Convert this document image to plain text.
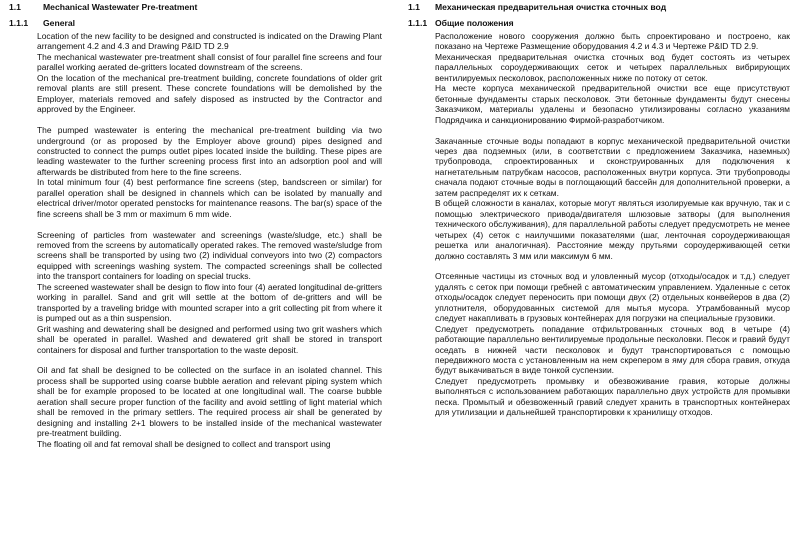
1.1	Mechanical Wastewater Pre-treatment
1.1.1 General

Location of the new facility to be designed and constructed is indicated on the Drawing Plant arrangement 4.2 and 4.3 and Drawing P&ID TD 2.9

The mechanical wastewater pre-treatment shall consist of four parallel fine screens and four parallel working aerated de-gritters located downstream of the screens.

On the location of the mechanical pre-treatment building, concrete foundations of older grit removal plants are still present. These concrete foundations will be demolished by the Employer, materials removed and safely disposed as instructed by the Contractor and approved by the Engineer.

The pumped wastewater is entering the mechanical pre-treatment building via two underground (or as proposed by the Employer above ground) pipes designed and constructed to connect the pumps outlet pipes located inside the building. These pipes are leading wastewater to the further screening process first into an adsorption pool and will afterwards be distributed from here to the fine screens.

In total minimum four (4) best performance fine screens (step, bandscreen or similar) for parallel operation shall be designed in channels which can be isolated by manually and electrical driver/motor operated penstocks for maintenance reasons. The bar(s) space of the fine screens shall be 3 mm or maximum 6 mm wide.

Screening of particles from wastewater and screenings (waste/sludge, etc.) shall be removed from the screens by automatically operated rakes. The removed waste/sludge from screens shall be transported by using two (2) individual conveyors into two (2) compactors equipped with screenings washing system. The compacted screenings shall be collected into the transport containers for loading on special trucks.

The screened wastewater shall be design to flow into four (4) aerated longitudinal de-gritters working in parallel. Sand and grit will settle at the bottom of de-gritters and will be transported by a traveling bridge with mounted scraper into a grit collecting pit from where it is pumped out as a thin suspension.

Grit washing and dewatering shall be designed and performed using two grit washers which shall be operated in parallel. Washed and dewatered grit shall be stored in transport containers for disposal and further transportation to the waste deposit.

Oil and fat shall be designed to be collected on the surface in an isolated channel. This process shall be supported using coarse bubble aeration and relevant piping system which shall be for example proposed to be located at one longitudinal wall. The coarse bubble aeration shall secure proper function of the facility and avoid settling of light material which shall be removed in the primary settlers. The required process air shall be generated by designing and installing 2+1 blowers to be installed inside of the mechanical wastewater pre-treatment building.

The floating oil and fat removal shall be designed to collect and transport using

1.1 Механическая предварительная очистка сточных вод
1.1.1 Общие положения

Расположение нового сооружения должно быть спроектировано и построено, как показано на Чертеже Размещение оборудования 4.2 и 4.3 и Чертеже P&ID TD 2.9.

Механическая предварительная очистка сточных вод будет состоять из четырех параллельных сороудерживающих сеток и четырех параллельных вибрирующих вентилируемых песколовок, расположенных ниже по потоку от сеток.

На месте корпуса механической предварительной очистки все еще присутствуют бетонные фундаменты старых песколовок. Эти бетонные фундаменты будут снесены Заказчиком, материалы удалены и безопасно утилизированы согласно указаниям Подрядчика и санкционированию Фирмой-разработчиком.

Закачанные сточные воды попадают в корпус механической предварительной очистки через два подземных (или, в соответствии с предложением Заказчика, наземных) трубопровода, спроектированных и сконструированных для подключения к нагнетательным патрубкам насосов, расположенных внутри корпуса. Эти трубопроводы сначала подают сточные воды в поглощающий бассейн для дополнительной проверки, а затем распределят их к сеткам.

В общей сложности в каналах, которые могут являться изолируемые как вручную, так и с помощью электрического привода/двигателя шлюзовые затворы (для выполнения технического обслуживания), для параллельной работы следует предусмотреть не менее четырех (4) сеток с наилучшими показателями (шаг, ленточная сороудерживающая решетка или аналогичная). Расстояние между прутьями сороудерживающей сетки должно составлять 3 мм или максимум 6 мм.

Отсеянные частицы из сточных вод и уловленный мусор (отходы/осадок и т.д.) следует удалять с сеток при помощи гребней с автоматическим управлением. Удаленные с сеток отходы/осадок следует переносить при помощи двух (2) отдельных конвейеров в два (2) уплотнителя, оборудованных системой для мытья мусора. Утрамбованный мусор следует накапливать в грузовых контейнерах для погрузки на специальные грузовики.

Следует предусмотреть попадание отфильтрованных сточных вод в четыре (4) работающие параллельно вентилируемые продольные песколовки. Песок и гравий будут оседать в нижней части песколовок и будут транспортироваться с помощью передвижного моста с установленным на нем скрепером в яму для сбора гравия, откуда будут выкачиваться в виде тонкой суспензии.

Следует предусмотреть промывку и обезвоживание гравия, которые должны выполняться с использованием работающих параллельно двух устройств для промывки песка. Промытый и обезвоженный гравий следует хранить в транспортных контейнерах для утилизации и дальнейшей транспортировки к хранилищу отходов.
